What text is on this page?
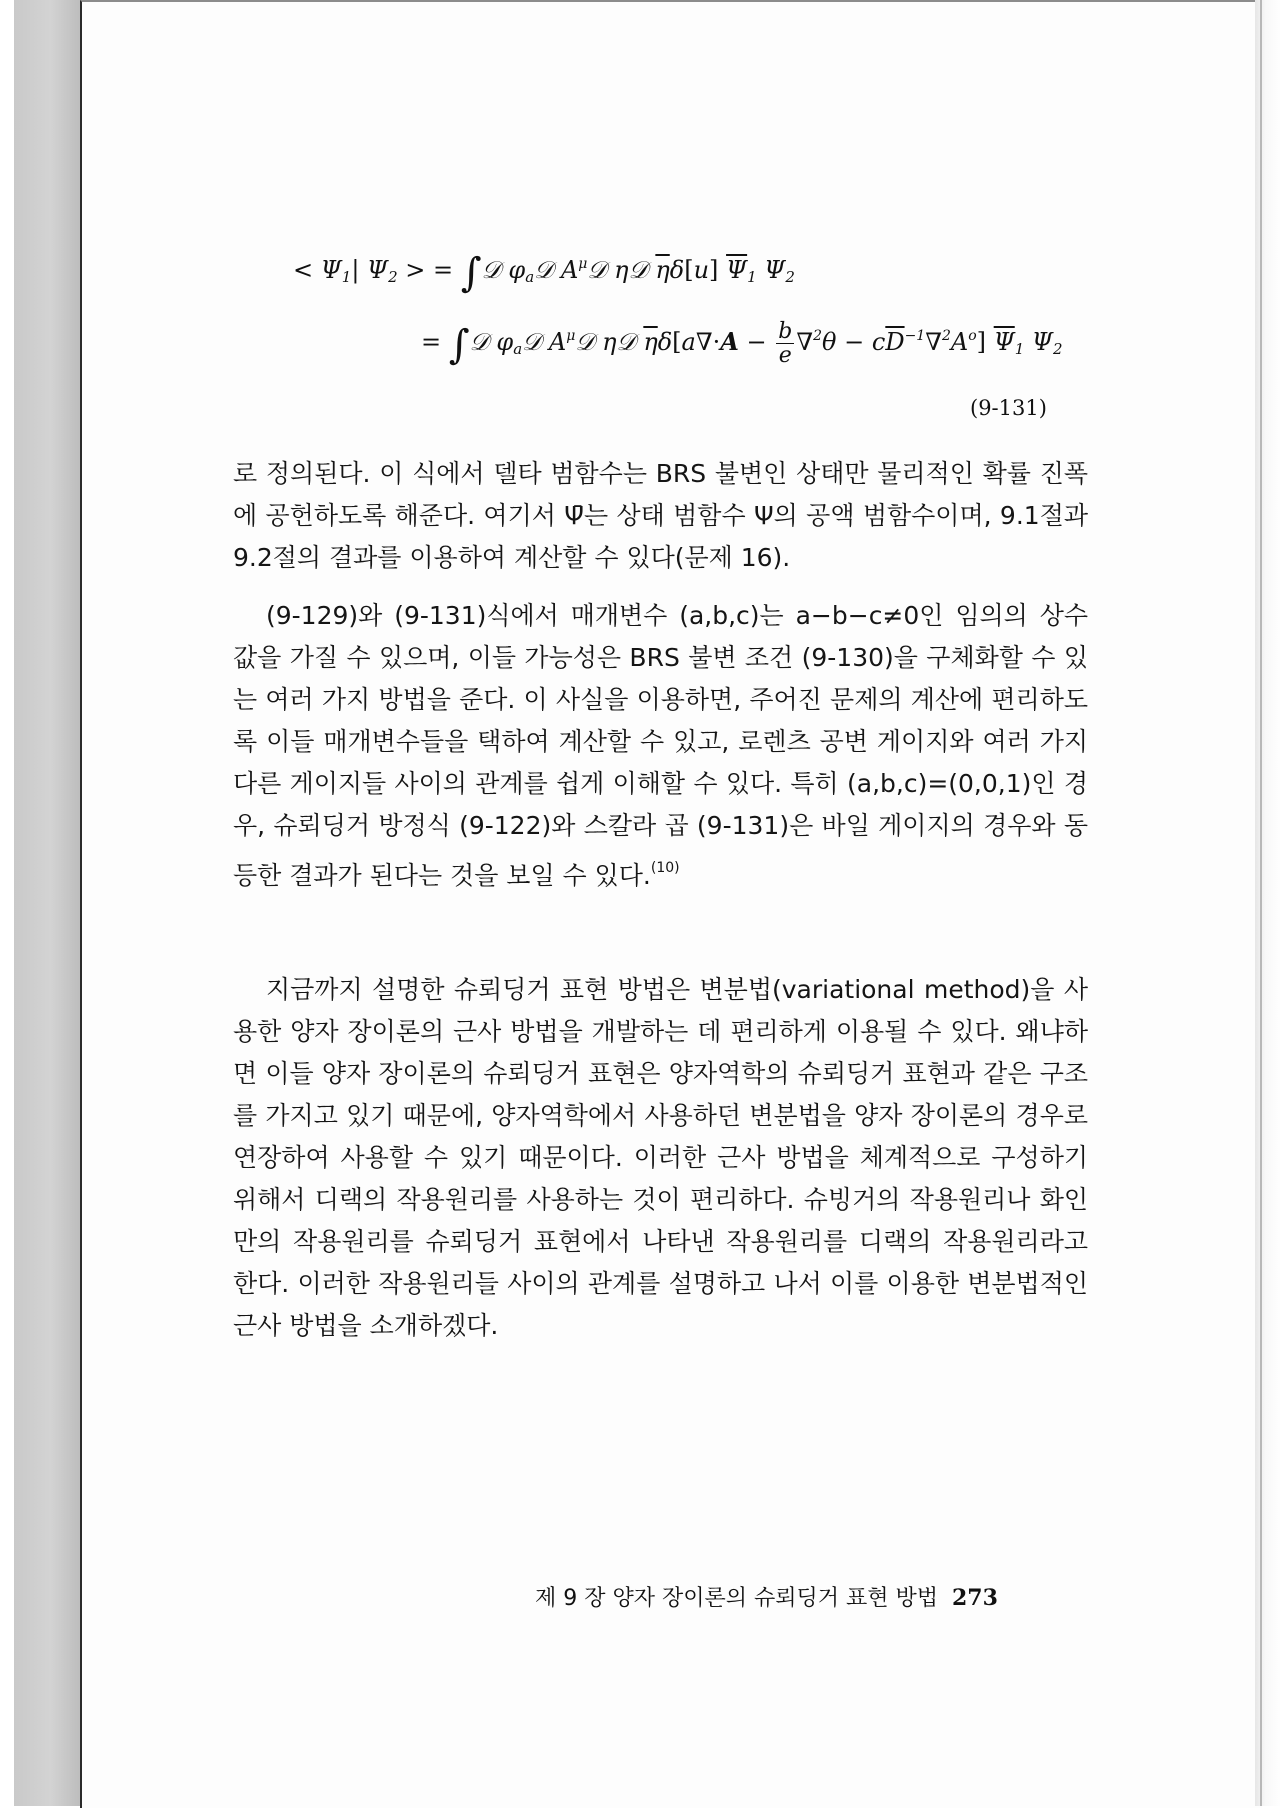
< $\Psi_1|$ $\Psi_2$ > = ∫𝒟 $\varphi_a𝒟$ $A^\mu 𝒟$ η𝒟 $\overline{\eta}\delta[u]$ $\overline{\Psi}_1$ $\Psi_2$
= ∫𝒟 $\varphi_a𝒟$ $A^\mu 𝒟$ η𝒟 $\overline{\eta}\delta[a\nabla\cdot A - \frac{b}{e} \nabla^2\theta - c\overline{D}^{-1}\nabla^2A^o]$ $\overline{\Psi}_1$ $\Psi_2$
(9-131)

로 정의된다. 이 식에서 델타 범함수는 BRS 불변인 상태만 물리적인 확률 진폭에 공헌하도록 해준다. 여기서 Ψ̄는 상태 범함수 Ψ의 공액 범함수이며, 9.1절과 9.2절의 결과를 이용하여 계산할 수 있다(문제 16).

(9-129)와 (9-131)식에서 매개변수 (a,b,c)는 a−b−c≠0인 임의의 상수값을 가질 수 있으며, 이들 가능성은 BRS 불변 조건 (9-130)을 구체화할 수 있는 여러 가지 방법을 준다. 이 사실을 이용하면, 주어진 문제의 계산에 편리하도록 이들 매개변수들을 택하여 계산할 수 있고, 로렌츠 공변 게이지와 여러 가지 다른 게이지들 사이의 관계를 쉽게 이해할 수 있다. 특히 (a,b,c)=(0,0,1)인 경우, 슈뢰딩거 방정식 (9-122)와 스칼라 곱 (9-131)은 바일 게이지의 경우와 동등한 결과가 된다는 것을 보일 수 있다.$^{(10)}$

지금까지 설명한 슈뢰딩거 표현 방법은 변분법(variational method)을 사용한 양자 장이론의 근사 방법을 개발하는 데 편리하게 이용될 수 있다. 왜냐하면 이들 양자 장이론의 슈뢰딩거 표현은 양자역학의 슈뢰딩거 표현과 같은 구조를 가지고 있기 때문에, 양자역학에서 사용하던 변분법을 양자 장이론의 경우로 연장하여 사용할 수 있기 때문이다. 이러한 근사 방법을 체계적으로 구성하기 위해서 디랙의 작용원리를 사용하는 것이 편리하다. 슈빙거의 작용원리나 화인만의 작용원리를 슈뢰딩거 표현에서 나타낸 작용원리를 디랙의 작용원리라고 한다. 이러한 작용원리들 사이의 관계를 설명하고 나서 이를 이용한 변분법적인 근사 방법을 소개하겠다.

제 9 장 양자 장이론의 슈뢰딩거 표현 방법 273
